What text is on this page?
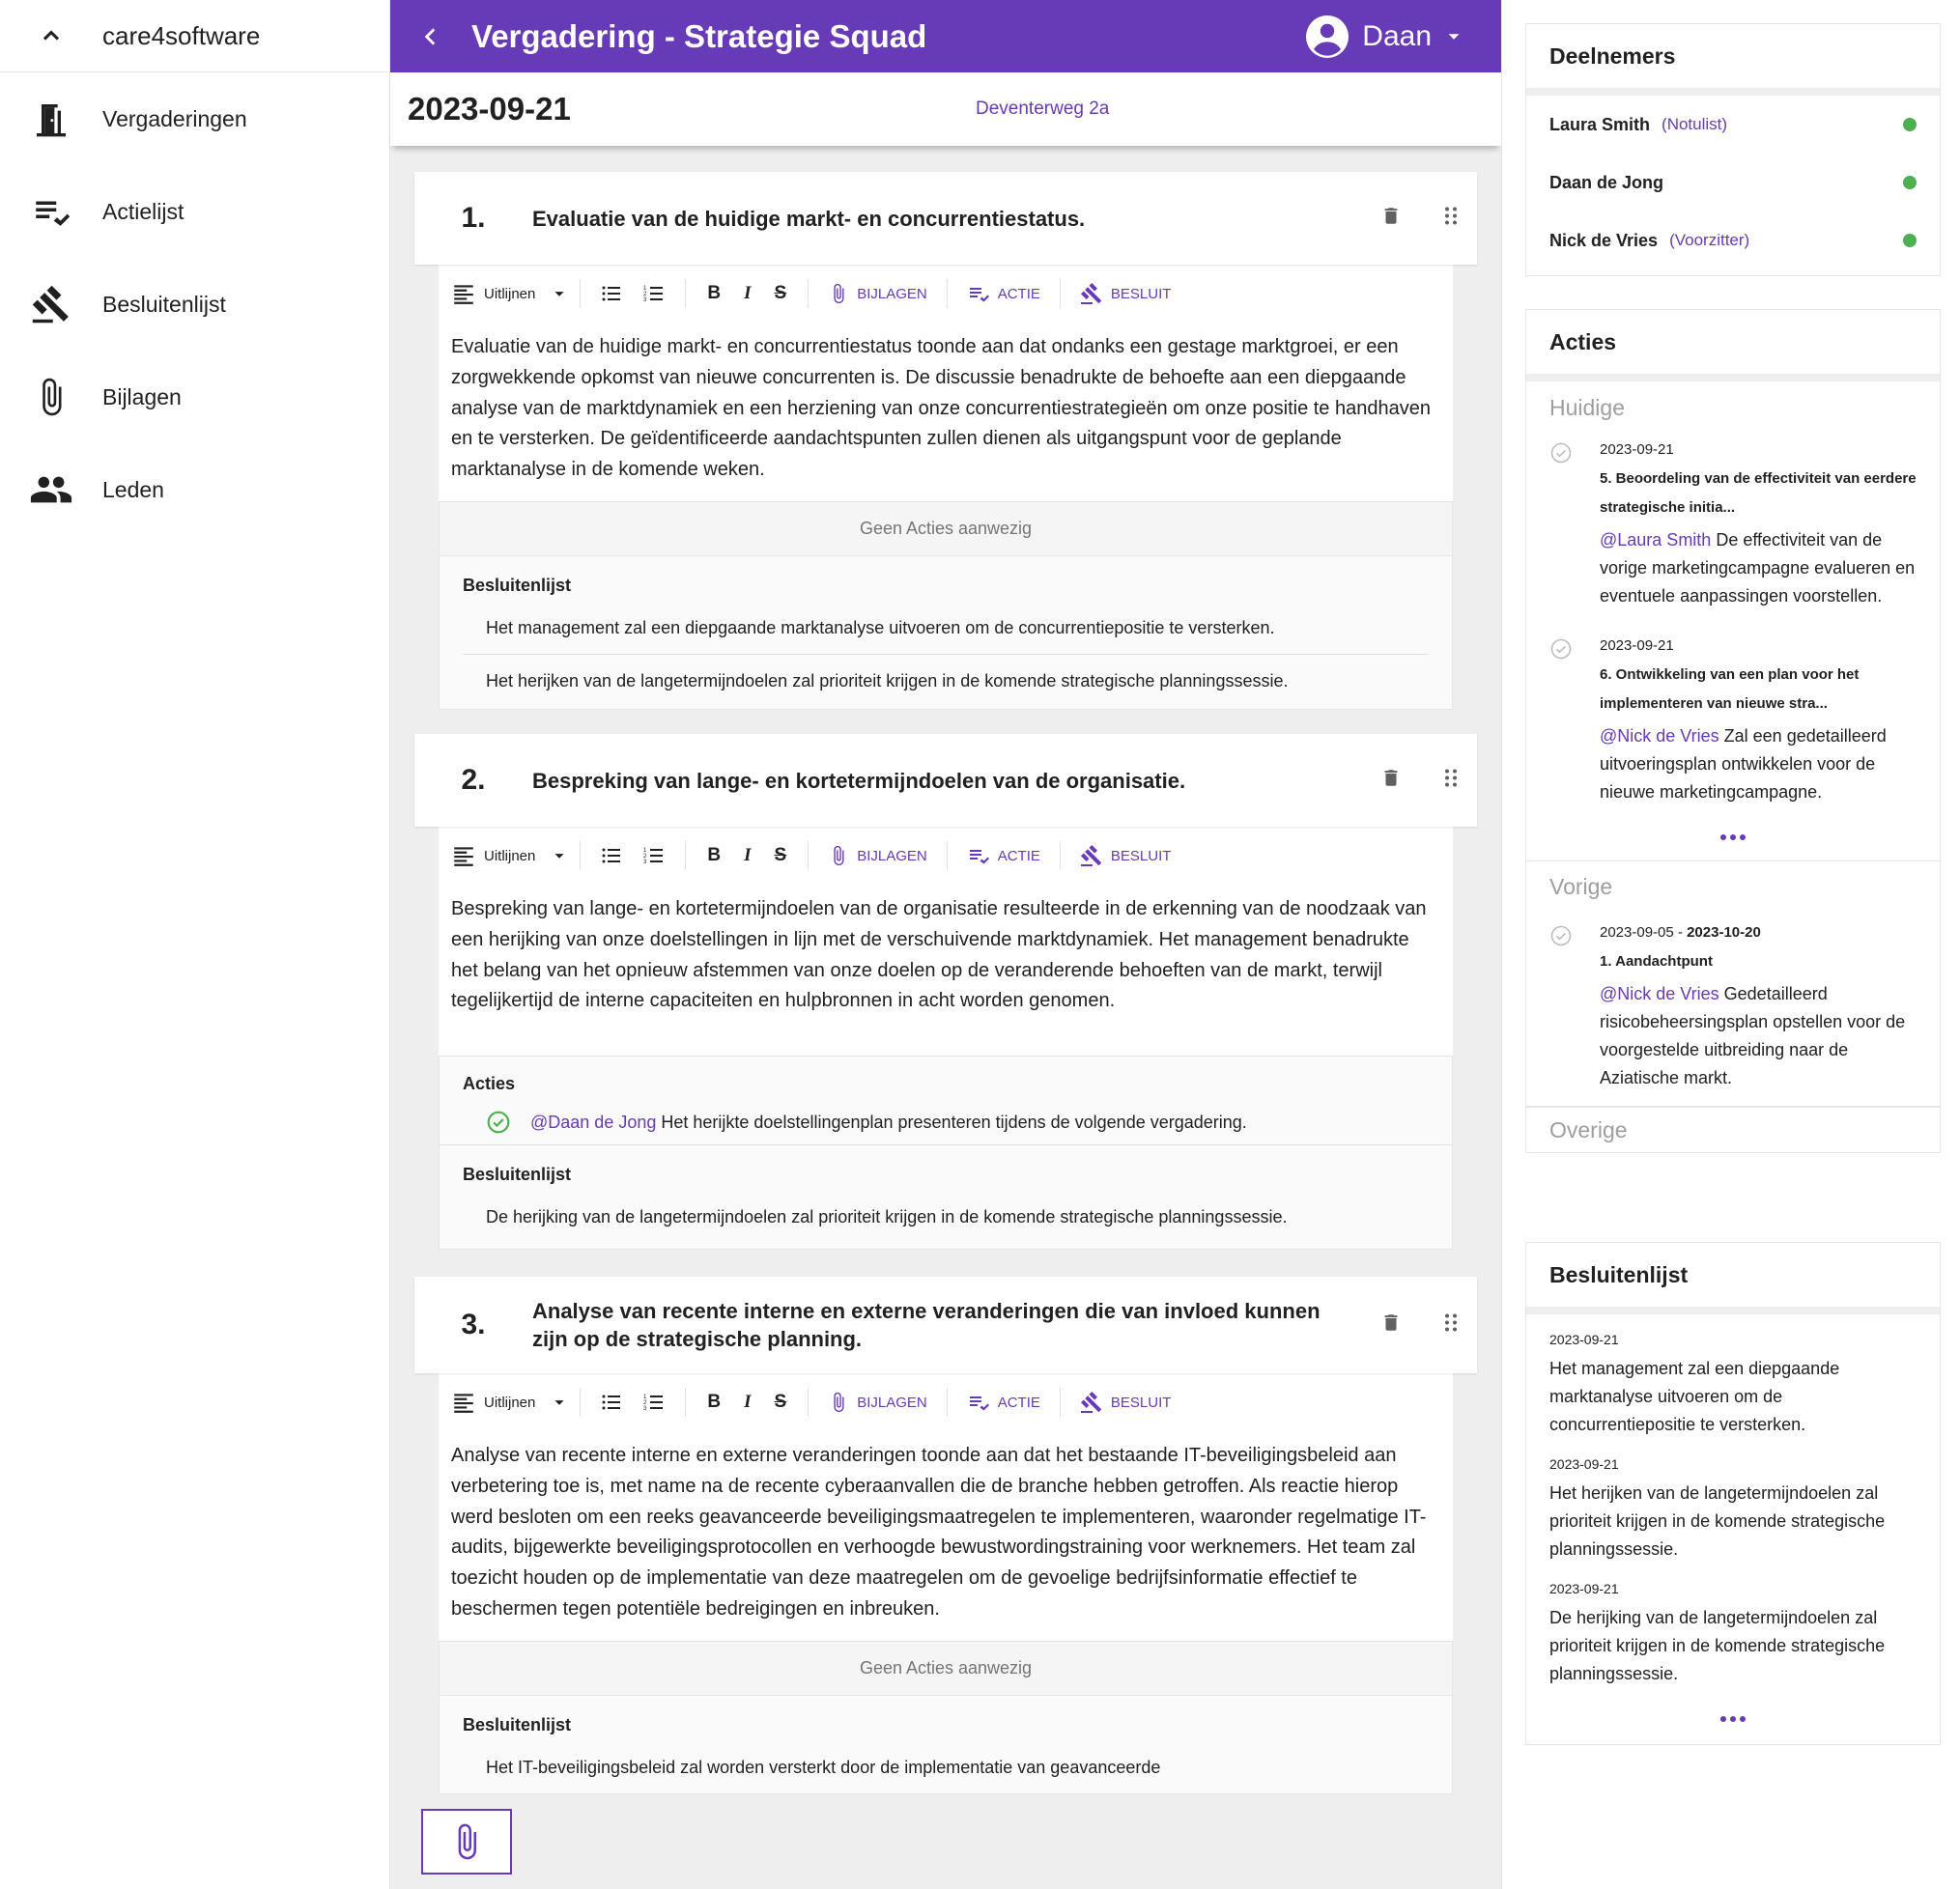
care4software
Vergaderingen
Actielijst
Besluitenlijst
Bijlagen
Leden
Vergadering - Strategie Squad	Daan
2023-09-21	Deventerweg 2a
1.	Evaluatie van de huidige markt- en concurrentiestatus.
Uitlijnen	1
2
3	B I S	BIJLAGEN	ACTIE	BESLUIT
Evaluatie van de huidige markt- en concurrentiestatus toonde aan dat ondanks een gestage marktgroei, er een zorgwekkende opkomst van nieuwe concurrenten is. De discussie benadrukte de behoefte aan een diepgaande analyse van de marktdynamiek en een herziening van onze concurrentiestrategieën om onze positie te handhaven en te versterken. De geïdentificeerde aandachtspunten zullen dienen als uitgangspunt voor de geplande marktanalyse in de komende weken.
Geen Acties aanwezig
Besluitenlijst
Het management zal een diepgaande marktanalyse uitvoeren om de concurrentiepositie te versterken.
Het herijken van de langetermijndoelen zal prioriteit krijgen in de komende strategische planningssessie.
2.	Bespreking van lange- en kortetermijndoelen van de organisatie.
Uitlijnen	1
2
3	B I S	BIJLAGEN	ACTIE	BESLUIT
Bespreking van lange- en kortetermijndoelen van de organisatie resulteerde in de erkenning van de noodzaak van een herijking van onze doelstellingen in lijn met de verschuivende marktdynamiek. Het management benadrukte het belang van het opnieuw afstemmen van onze doelen op de veranderende behoeften van de markt, terwijl tegelijkertijd de interne capaciteiten en hulpbronnen in acht worden genomen.
Acties
@Daan de Jong
Het herijkte doelstellingenplan presenteren tijdens de volgende vergadering.
Besluitenlijst
De herijking van de langetermijndoelen zal prioriteit krijgen in de komende strategische planningssessie.
3.	Analyse van recente interne en externe veranderingen die van invloed kunnen zijn op de strategische planning.
Uitlijnen	1
2
3	B I S	BIJLAGEN	ACTIE	BESLUIT
Analyse van recente interne en externe veranderingen toonde aan dat het bestaande IT-beveiligingsbeleid aan verbetering toe is, met name na de recente cyberaanvallen die de branche hebben getroffen. Als reactie hierop werd besloten om een reeks geavanceerde beveiligingsmaatregelen te implementeren, waaronder regelmatige IT-audits, bijgewerkte beveiligingsprotocollen en verhoogde bewustwordingstraining voor werknemers. Het team zal toezicht houden op de implementatie van deze maatregelen om de gevoelige bedrijfsinformatie effectief te beschermen tegen potentiële bedreigingen en inbreuken.
Geen Acties aanwezig
Besluitenlijst
Het IT-beveiligingsbeleid zal worden versterkt door de implementatie van geavanceerde
Deelnemers
Laura Smith (Notulist)
Daan de Jong
Nick de Vries (Voorzitter)
Acties
Huidige
2023-09-21
5. Beoordeling van de effectiviteit van eerdere strategische initia...
@Laura Smith De effectiviteit van de vorige marketingcampagne evalueren en eventuele aanpassingen voorstellen.
2023-09-21
6. Ontwikkeling van een plan voor het implementeren van nieuwe stra...
@Nick de Vries Zal een gedetailleerd uitvoeringsplan ontwikkelen voor de nieuwe marketingcampagne.
Vorige
2023-09-05 - 2023-10-20
1. Aandachtpunt
@Nick de Vries Gedetailleerd risicobeheersingsplan opstellen voor de voorgestelde uitbreiding naar de Aziatische markt.
Overige
Besluitenlijst
2023-09-21
Het management zal een diepgaande marktanalyse uitvoeren om de concurrentiepositie te versterken.
2023-09-21
Het herijken van de langetermijndoelen zal prioriteit krijgen in de komende strategische planningssessie.
2023-09-21
De herijking van de langetermijndoelen zal prioriteit krijgen in de komende strategische planningssessie.
